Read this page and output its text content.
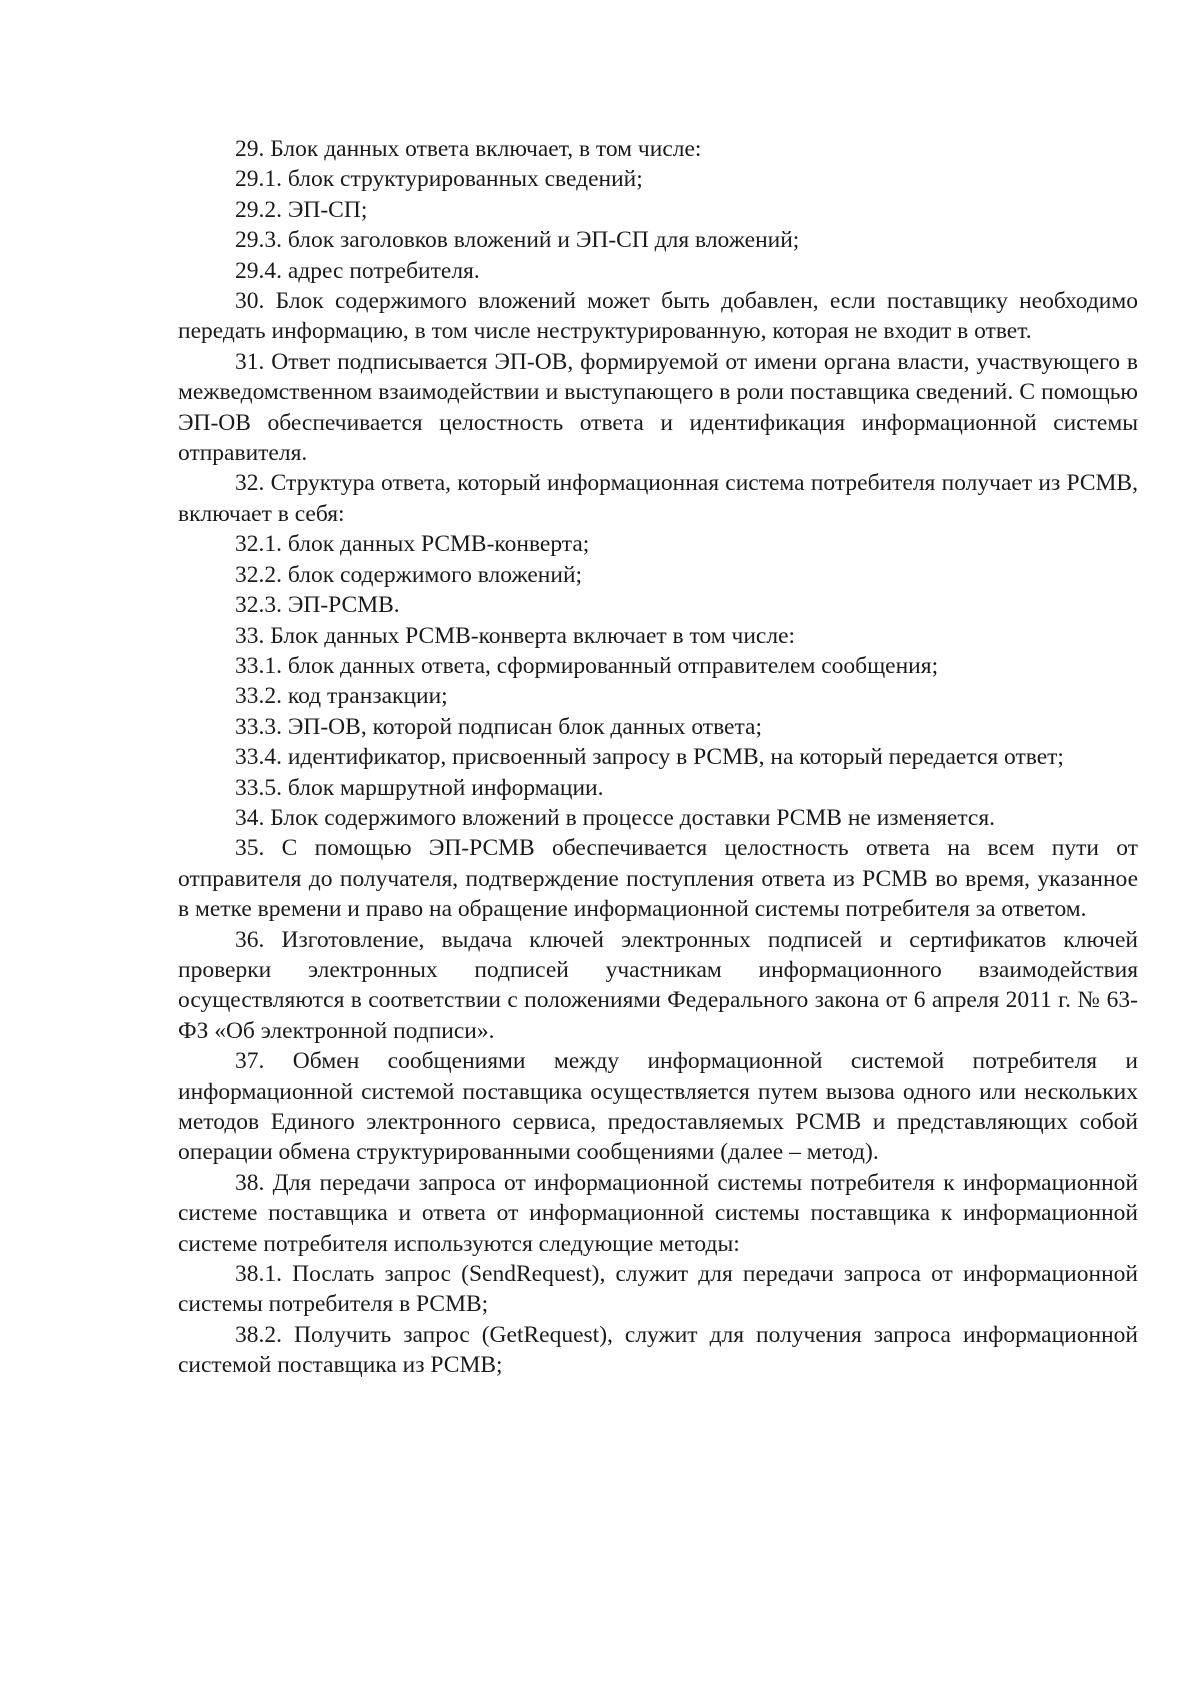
29. Блок данных ответа включает, в том числе:

29.1. блок структурированных сведений;

29.2. ЭП-СП;

29.3. блок заголовков вложений и ЭП-СП для вложений;

29.4. адрес потребителя.

30. Блок содержимого вложений может быть добавлен, если поставщику необходимо передать информацию, в том числе неструктурированную, которая не входит в ответ.

31. Ответ подписывается ЭП-ОВ, формируемой от имени органа власти, участвующего в межведомственном взаимодействии и выступающего в роли поставщика сведений. С помощью ЭП-ОВ обеспечивается целостность ответа и идентификация информационной системы отправителя.

32. Структура ответа, который информационная система потребителя получает из РСМВ, включает в себя:

32.1. блок данных РСМВ-конверта;

32.2. блок содержимого вложений;

32.3. ЭП-РСМВ.

33. Блок данных РСМВ-конверта включает в том числе:

33.1. блок данных ответа, сформированный отправителем сообщения;

33.2. код транзакции;

33.3. ЭП-ОВ, которой подписан блок данных ответа;

33.4. идентификатор, присвоенный запросу в РСМВ, на который передается ответ;

33.5. блок маршрутной информации.

34. Блок содержимого вложений в процессе доставки РСМВ не изменяется.

35. С помощью ЭП-РСМВ обеспечивается целостность ответа на всем пути от отправителя до получателя, подтверждение поступления ответа из РСМВ во время, указанное в метке времени и право на обращение информационной системы потребителя за ответом.

36. Изготовление, выдача ключей электронных подписей и сертификатов ключей проверки электронных подписей участникам информационного взаимодействия осуществляются в соответствии с положениями Федерального закона от 6 апреля 2011 г. № 63-ФЗ «Об электронной подписи».

37. Обмен сообщениями между информационной системой потребителя и информационной системой поставщика осуществляется путем вызова одного или нескольких методов Единого электронного сервиса, предоставляемых РСМВ и представляющих собой операции обмена структурированными сообщениями (далее – метод).

38. Для передачи запроса от информационной системы потребителя к информационной системе поставщика и ответа от информационной системы поставщика к информационной системе потребителя используются следующие методы:

38.1. Послать запрос (SendRequest), служит для передачи запроса от информационной системы потребителя в РСМВ;

38.2. Получить запрос (GetRequest), служит для получения запроса информационной системой поставщика из РСМВ;
